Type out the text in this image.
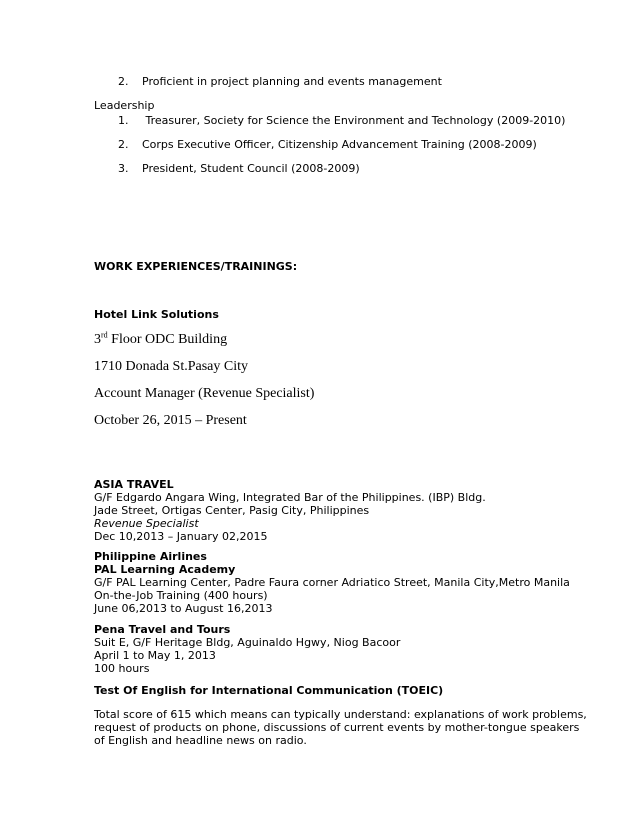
2. Proficient in project planning and events management
Leadership
1. Treasurer, Society for Science the Environment and Technology (2009-2010)
2. Corps Executive Officer, Citizenship Advancement Training (2008-2009)
3. President, Student Council (2008-2009)
WORK EXPERIENCES/TRAININGS:
Hotel Link Solutions
3rd Floor ODC Building
1710 Donada St.Pasay City
Account Manager (Revenue Specialist)
October 26, 2015 – Present
ASIA TRAVEL
G/F Edgardo Angara Wing, Integrated Bar of the Philippines. (IBP) Bldg.
Jade Street, Ortigas Center, Pasig City, Philippines
Revenue Specialist
Dec 10,2013 – January 02,2015
Philippine Airlines
PAL Learning Academy
G/F PAL Learning Center, Padre Faura corner Adriatico Street, Manila City,Metro Manila
On-the-Job Training (400 hours)
June 06,2013 to August 16,2013
Pena Travel and Tours
Suit E, G/F Heritage Bldg, Aguinaldo Hgwy, Niog Bacoor
April 1 to May 1, 2013
100 hours
Test Of English for International Communication (TOEIC)
Total score of 615 which means can typically understand: explanations of work problems,
request of products on phone, discussions of current events by mother-tongue speakers
of English and headline news on radio.
